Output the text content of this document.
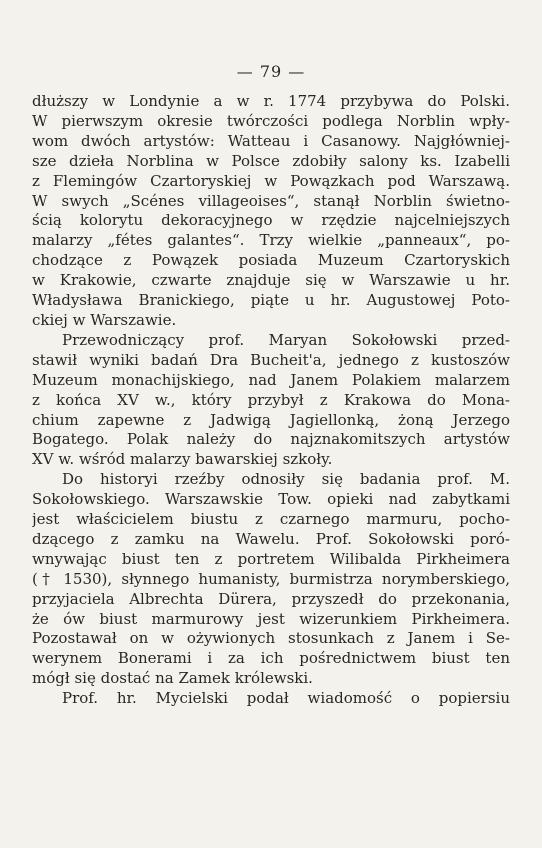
— 79 —
dłuższy w Londynie a w r. 1774 przybywa do Polski.
W pierwszym okresie twórczości podlega Norblin wpły-
wom dwóch artystów: Watteau i Casanowy. Najgłówniej-
sze dzieła Norblina w Polsce zdobiły salony ks. Izabelli
z Flemingów Czartoryskiej w Powązkach pod Warszawą.
W swych „Scénes villageoises“, stanął Norblin świetno-
ścią kolorytu dekoracyjnego w rzędzie najcelniejszych
malarzy „fétes galantes“. Trzy wielkie „panneaux“, po-
chodzące z Powązek posiada Muzeum Czartoryskich
w Krakowie, czwarte znajduje się w Warszawie u hr.
Władysława Branickiego, piąte u hr. Augustowej Poto-
ckiej w Warszawie.
Przewodniczący prof. Maryan Sokołowski przed-
stawił wyniki badań Dra Bucheit'a, jednego z kustoszów
Muzeum monachijskiego, nad Janem Polakiem malarzem
z końca XV w., który przybył z Krakowa do Mona-
chium zapewne z Jadwigą Jagiellonką, żoną Jerzego
Bogatego. Polak należy do najznakomitszych artystów
XV w. wśród malarzy bawarskiej szkoły.
Do historyi rzeźby odnosiły się badania prof. M.
Sokołowskiego. Warszawskie Tow. opieki nad zabytkami
jest właścicielem biustu z czarnego marmuru, pocho-
dzącego z zamku na Wawelu. Prof. Sokołowski poró-
wnywając biust ten z portretem Wilibalda Pirkheimera
(† 1530), słynnego humanisty, burmistrza norymberskiego,
przyjaciela Albrechta Dürera, przyszedł do przekonania,
że ów biust marmurowy jest wizerunkiem Pirkheimera.
Pozostawał on w ożywionych stosunkach z Janem i Se-
werynem Bonerami i za ich pośrednictwem biust ten
mógł się dostać na Zamek królewski.
Prof. hr. Mycielski podał wiadomość o popiersiu
